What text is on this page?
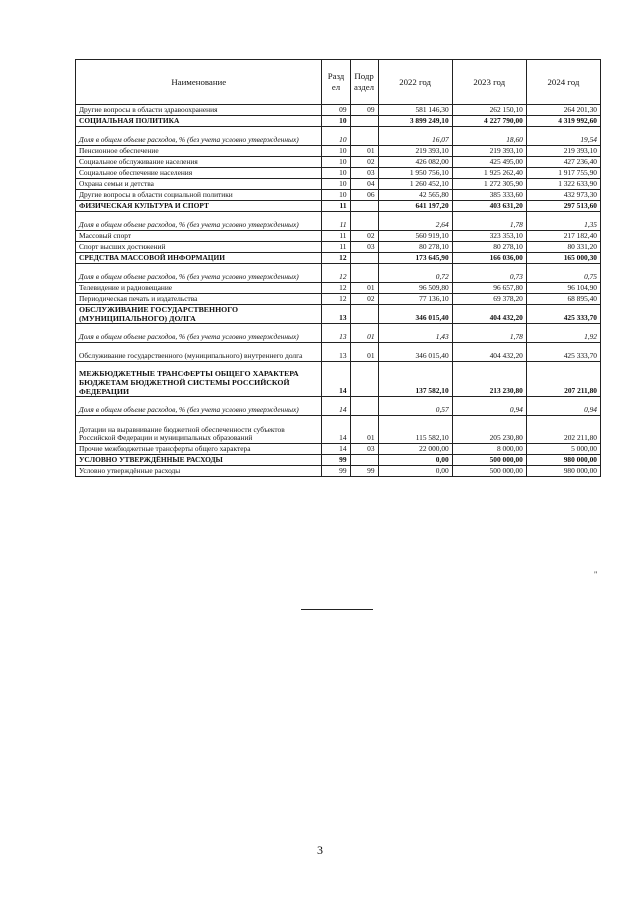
Наименование	Разд ел	Подр аздел	2022 год	2023 год	2024 год
Другие вопросы в области здравоохранения	09	09	581 146,30	262 150,10	264 201,30
СОЦИАЛЬНАЯ ПОЛИТИКА	10		3 899 249,10	4 227 790,00	4 319 992,60
Доля в общем объеме расходов, % (без учета условно утвержденных)	10		16,07	18,60	19,54
Пенсионное обеспечение	10	01	219 393,10	219 393,10	219 393,10
Социальное обслуживание населения	10	02	426 082,00	425 495,00	427 236,40
Социальное обеспечение населения	10	03	1 950 756,10	1 925 262,40	1 917 755,90
Охрана семьи и детства	10	04	1 260 452,10	1 272 305,90	1 322 633,90
Другие вопросы в области социальной политики	10	06	42 565,80	385 333,60	432 973,30
ФИЗИЧЕСКАЯ КУЛЬТУРА И СПОРТ	11		641 197,20	403 631,20	297 513,60
Доля в общем объеме расходов, % (без учета условно утвержденных)	11		2,64	1,78	1,35
Массовый спорт	11	02	560 919,10	323 353,10	217 182,40
Спорт высших достижений	11	03	80 278,10	80 278,10	80 331,20
СРЕДСТВА МАССОВОЙ ИНФОРМАЦИИ	12		173 645,90	166 036,00	165 000,30
Доля в общем объеме расходов, % (без учета условно утвержденных)	12		0,72	0,73	0,75
Телевидение и радиовещание	12	01	96 509,80	96 657,80	96 104,90
Периодическая печать и издательства	12	02	77 136,10	69 378,20	68 895,40
ОБСЛУЖИВАНИЕ ГОСУДАРСТВЕННОГО (МУНИЦИПАЛЬНОГО) ДОЛГА	13		346 015,40	404 432,20	425 333,70
Доля в общем объеме расходов, % (без учета условно утвержденных)	13	01	1,43	1,78	1,92
Обслуживание государственного (муниципального) внутреннего долга	13	01	346 015,40	404 432,20	425 333,70
МЕЖБЮДЖЕТНЫЕ ТРАНСФЕРТЫ ОБЩЕГО ХАРАКТЕРА БЮДЖЕТАМ БЮДЖЕТНОЙ СИСТЕМЫ РОССИЙСКОЙ ФЕДЕРАЦИИ	14		137 582,10	213 230,80	207 211,80
Доля в общем объеме расходов, % (без учета условно утвержденных)	14		0,57	0,94	0,94
Дотации на выравнивание бюджетной обеспеченности субъектов Российской Федерации и муниципальных образований	14	01	115 582,10	205 230,80	202 211,80
Прочие межбюджетные трансферты общего характера	14	03	22 000,00	8 000,00	5 000,00
УСЛОВНО УТВЕРЖДЁННЫЕ РАСХОДЫ	99		0,00	500 000,00	980 000,00
Условно утверждённые расходы	99	99	0,00	500 000,00	980 000,00
"
3
